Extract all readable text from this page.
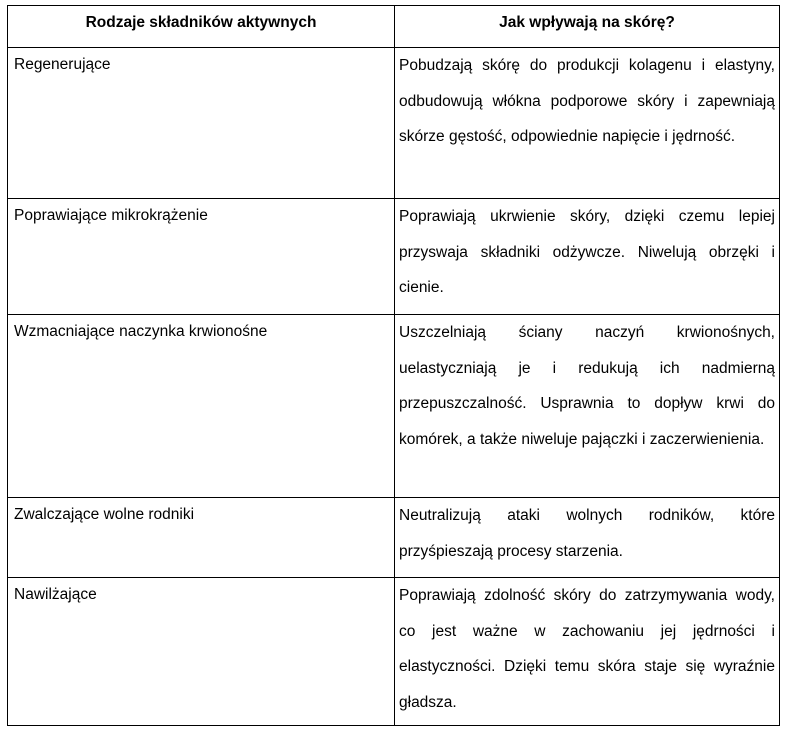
Rodzaje składników aktywnych	Jak wpływają na skórę?
Regenerujące	Pobudzają skórę do produkcji kolagenu i elastyny, odbudowują włókna podporowe skóry i zapewniają skórze gęstość, odpowiednie napięcie i jędrność.

Poprawiające mikrokrążenie	Poprawiają ukrwienie skóry, dzięki czemu lepiej przyswaja składniki odżywcze. Niwelują obrzęki i cienie.

Wzmacniające naczynka krwionośne	Uszczelniają ściany naczyń krwionośnych, uelastyczniają je i redukują ich nadmierną przepuszczalność. Usprawnia to dopływ krwi do komórek, a także niweluje pajączki i zaczerwienienia.

Zwalczające wolne rodniki	Neutralizują ataki wolnych rodników, które przyśpieszają procesy starzenia.

Nawilżające	Poprawiają zdolność skóry do zatrzymywania wody, co jest ważne w zachowaniu jej jędrności i elastyczności. Dzięki temu skóra staje się wyraźnie gładsza.
